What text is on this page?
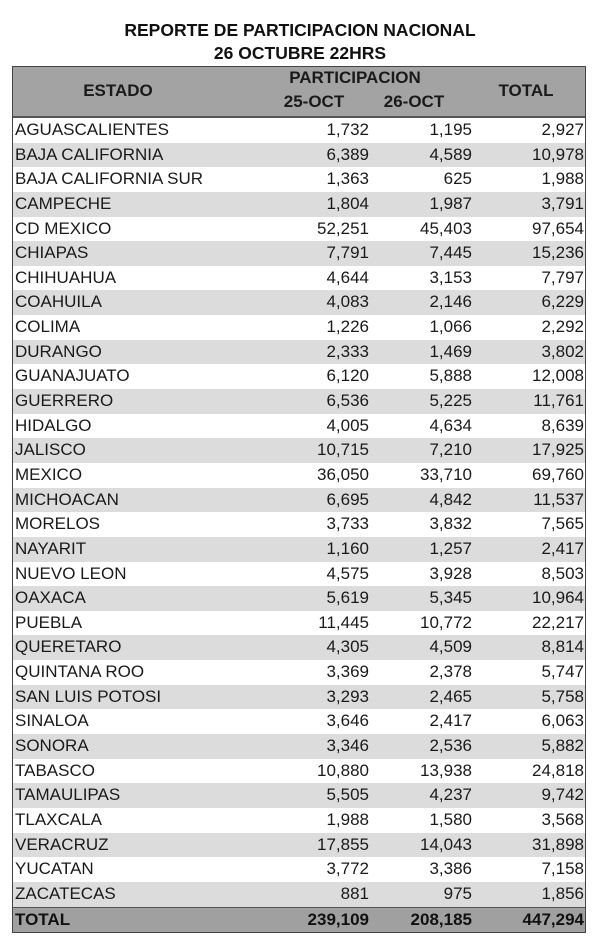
REPORTE DE PARTICIPACION NACIONAL
26 OCTUBRE 22HRS
ESTADO
PARTICIPACION
25-OCT	26-OCT
TOTAL
AGUASCALIENTES	1,732	1,195	2,927
BAJA CALIFORNIA	6,389	4,589	10,978
BAJA CALIFORNIA SUR	1,363	625	1,988
CAMPECHE	1,804	1,987	3,791
CD MEXICO	52,251	45,403	97,654
CHIAPAS	7,791	7,445	15,236
CHIHUAHUA	4,644	3,153	7,797
COAHUILA	4,083	2,146	6,229
COLIMA	1,226	1,066	2,292
DURANGO	2,333	1,469	3,802
GUANAJUATO	6,120	5,888	12,008
GUERRERO	6,536	5,225	11,761
HIDALGO	4,005	4,634	8,639
JALISCO	10,715	7,210	17,925
MEXICO	36,050	33,710	69,760
MICHOACAN	6,695	4,842	11,537
MORELOS	3,733	3,832	7,565
NAYARIT	1,160	1,257	2,417
NUEVO LEON	4,575	3,928	8,503
OAXACA	5,619	5,345	10,964
PUEBLA	11,445	10,772	22,217
QUERETARO	4,305	4,509	8,814
QUINTANA ROO	3,369	2,378	5,747
SAN LUIS POTOSI	3,293	2,465	5,758
SINALOA	3,646	2,417	6,063
SONORA	3,346	2,536	5,882
TABASCO	10,880	13,938	24,818
TAMAULIPAS	5,505	4,237	9,742
TLAXCALA	1,988	1,580	3,568
VERACRUZ	17,855	14,043	31,898
YUCATAN	3,772	3,386	7,158
ZACATECAS	881	975	1,856
TOTAL	239,109 208,185	447,294
